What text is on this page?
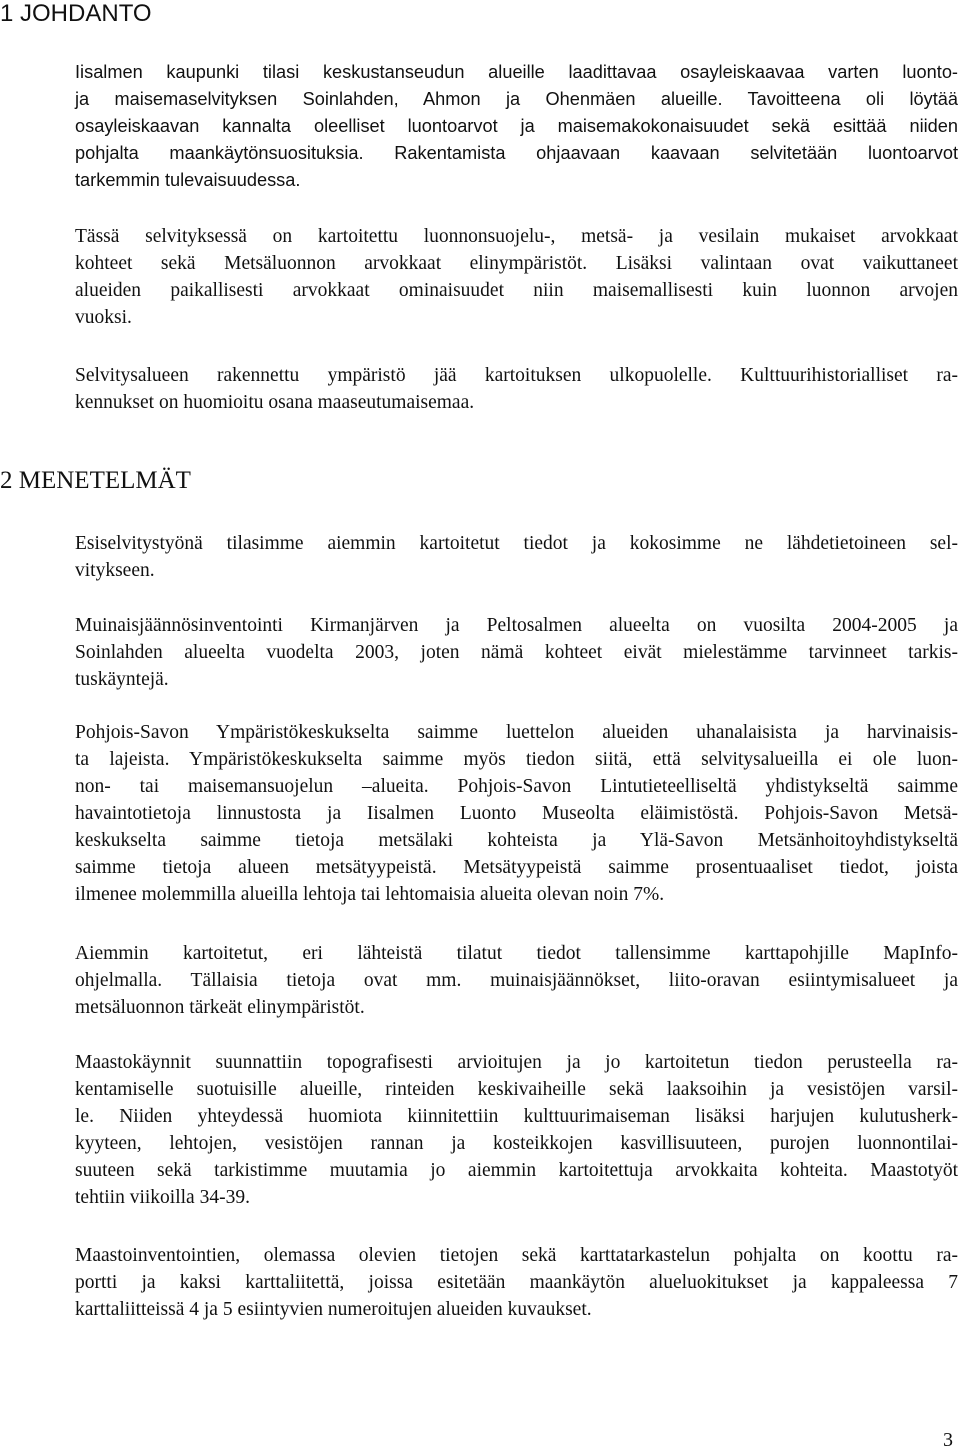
1 JOHDANTO
Iisalmen kaupunki tilasi keskustanseudun alueille laadittavaa osayleiskaavaa varten luonto-
ja maisemaselvityksen Soinlahden, Ahmon ja Ohenmäen alueille. Tavoitteena oli löytää
osayleiskaavan kannalta oleelliset luontoarvot ja maisemakokonaisuudet sekä esittää niiden
pohjalta maankäytönsuosituksia. Rakentamista ohjaavaan kaavaan selvitetään luontoarvot
tarkemmin tulevaisuudessa.
Tässä selvityksessä on kartoitettu luonnonsuojelu-, metsä- ja vesilain mukaiset arvokkaat
kohteet sekä Metsäluonnon arvokkaat elinympäristöt. Lisäksi valintaan ovat vaikuttaneet
alueiden paikallisesti arvokkaat ominaisuudet niin maisemallisesti kuin luonnon arvojen
vuoksi.
Selvitysalueen rakennettu ympäristö jää kartoituksen ulkopuolelle. Kulttuurihistorialliset ra-
kennukset on huomioitu osana maaseutumaisemaa.
2 MENETELMÄT
Esiselvitystyönä tilasimme aiemmin kartoitetut tiedot ja kokosimme ne lähdetietoineen sel-
vitykseen.
Muinaisjäännösinventointi Kirmanjärven ja Peltosalmen alueelta on vuosilta 2004-2005 ja
Soinlahden alueelta vuodelta 2003, joten nämä kohteet eivät mielestämme tarvinneet tarkis-
tuskäyntejä.
Pohjois-Savon Ympäristökeskukselta saimme luettelon alueiden uhanalaisista ja harvinaisis-
ta lajeista. Ympäristökeskukselta saimme myös tiedon siitä, että selvitysalueilla ei ole luon-
non- tai maisemansuojelun –alueita. Pohjois-Savon Lintutieteelliseltä yhdistykseltä saimme
havaintotietoja linnustosta ja Iisalmen Luonto Museolta eläimistöstä. Pohjois-Savon Metsä-
keskukselta saimme tietoja metsälaki kohteista ja Ylä-Savon Metsänhoitoyhdistykseltä
saimme tietoja alueen metsätyypeistä. Metsätyypeistä saimme prosentuaaliset tiedot, joista
ilmenee molemmilla alueilla lehtoja tai lehtomaisia alueita olevan noin 7%.
Aiemmin kartoitetut, eri lähteistä tilatut tiedot tallensimme karttapohjille MapInfo-
ohjelmalla. Tällaisia tietoja ovat mm. muinaisjäännökset, liito-oravan esiintymisalueet ja
metsäluonnon tärkeät elinympäristöt.
Maastokäynnit suunnattiin topografisesti arvioitujen ja jo kartoitetun tiedon perusteella ra-
kentamiselle suotuisille alueille, rinteiden keskivaiheille sekä laaksoihin ja vesistöjen varsil-
le. Niiden yhteydessä huomiota kiinnitettiin kulttuurimaiseman lisäksi harjujen kulutusherk-
kyyteen, lehtojen, vesistöjen rannan ja kosteikkojen kasvillisuuteen, purojen luonnontilai-
suuteen sekä tarkistimme muutamia jo aiemmin kartoitettuja arvokkaita kohteita. Maastotyöt
tehtiin viikoilla 34-39.
Maastoinventointien, olemassa olevien tietojen sekä karttatarkastelun pohjalta on koottu ra-
portti ja kaksi karttaliitettä, joissa esitetään maankäytön alueluokitukset ja kappaleessa 7
karttaliitteissä 4 ja 5 esiintyvien numeroitujen alueiden kuvaukset.
3
